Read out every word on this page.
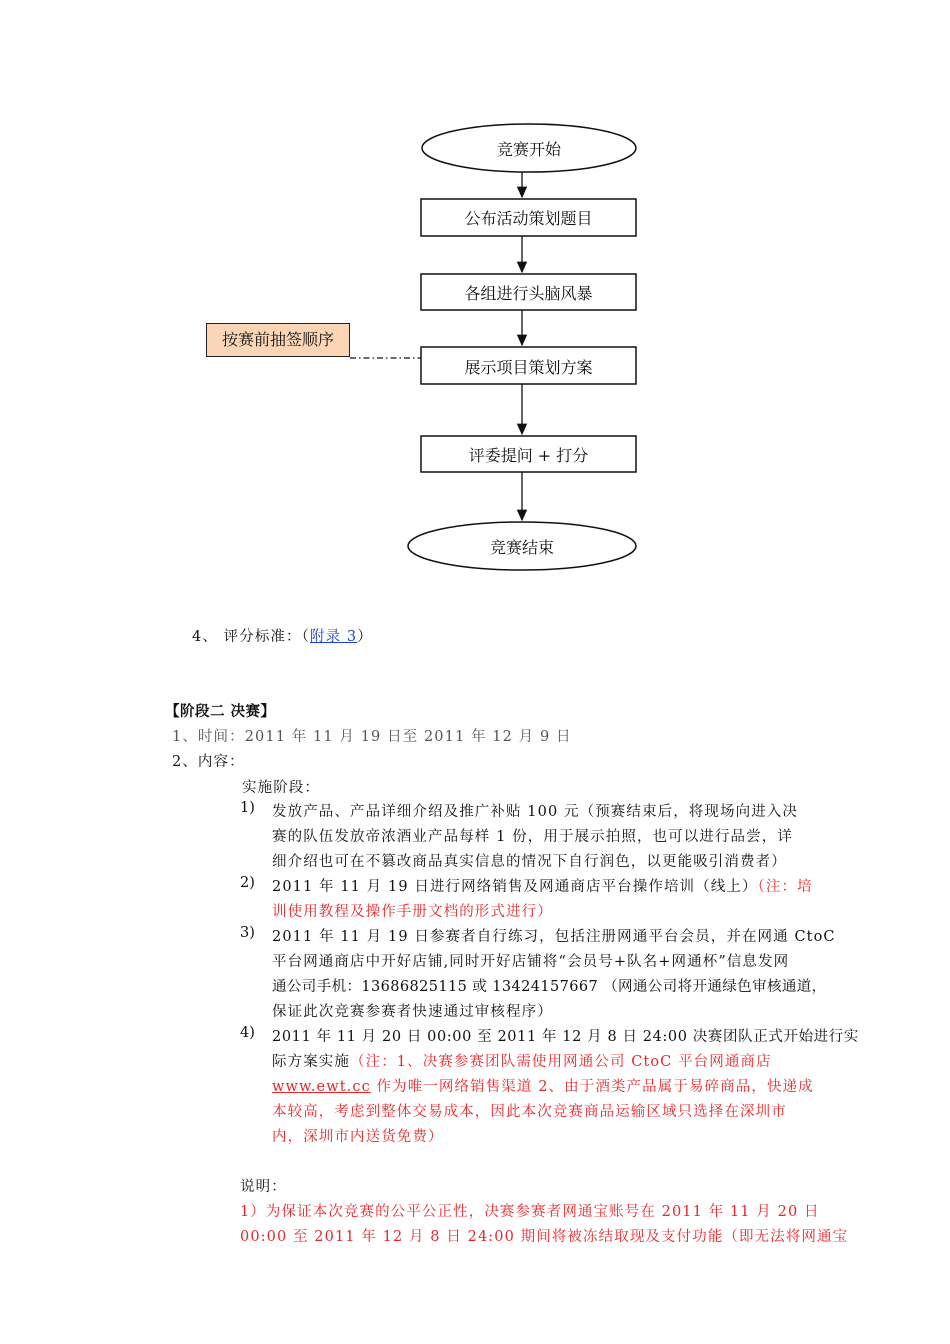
竞赛开始
公布活动策划题目
各组进行头脑风暴
展示项目策划方案
评委提问 + 打分
竞赛结束
按赛前抽签顺序
4、 评分标准：（附录 3）
【阶段二 决赛】
1、时间：2011 年 11 月 19 日至 2011 年 12 月 9 日
2、内容：
实施阶段：
1) 发放产品、产品详细介绍及推广补贴 100 元（预赛结束后，将现场向进入决
赛的队伍发放帝浓酒业产品每样 1 份，用于展示拍照，也可以进行品尝，详
细介绍也可在不篡改商品真实信息的情况下自行润色，以更能吸引消费者）
2) 2011 年 11 月 19 日进行网络销售及网通商店平台操作培训（线上）（注：培
训使用教程及操作手册文档的形式进行）
3) 2011 年 11 月 19 日参赛者自行练习，包括注册网通平台会员，并在网通 CtoC
平台网通商店中开好店铺,同时开好店铺将“会员号+队名+网通杯”信息发网
通公司手机：13686825115 或 13424157667 （网通公司将开通绿色审核通道，
保证此次竞赛参赛者快速通过审核程序）
4) 2011 年 11 月 20 日 00:00 至 2011 年 12 月 8 日 24:00 决赛团队正式开始进行实
际方案实施（注：1、决赛参赛团队需使用网通公司 CtoC 平台网通商店
www.ewt.cc 作为唯一网络销售渠道 2、由于酒类产品属于易碎商品，快递成
本较高，考虑到整体交易成本，因此本次竞赛商品运输区域只选择在深圳市
内，深圳市内送货免费）
说明：
1）为保证本次竞赛的公平公正性，决赛参赛者网通宝账号在 2011 年 11 月 20 日
00:00 至 2011 年 12 月 8 日 24:00 期间将被冻结取现及支付功能（即无法将网通宝
